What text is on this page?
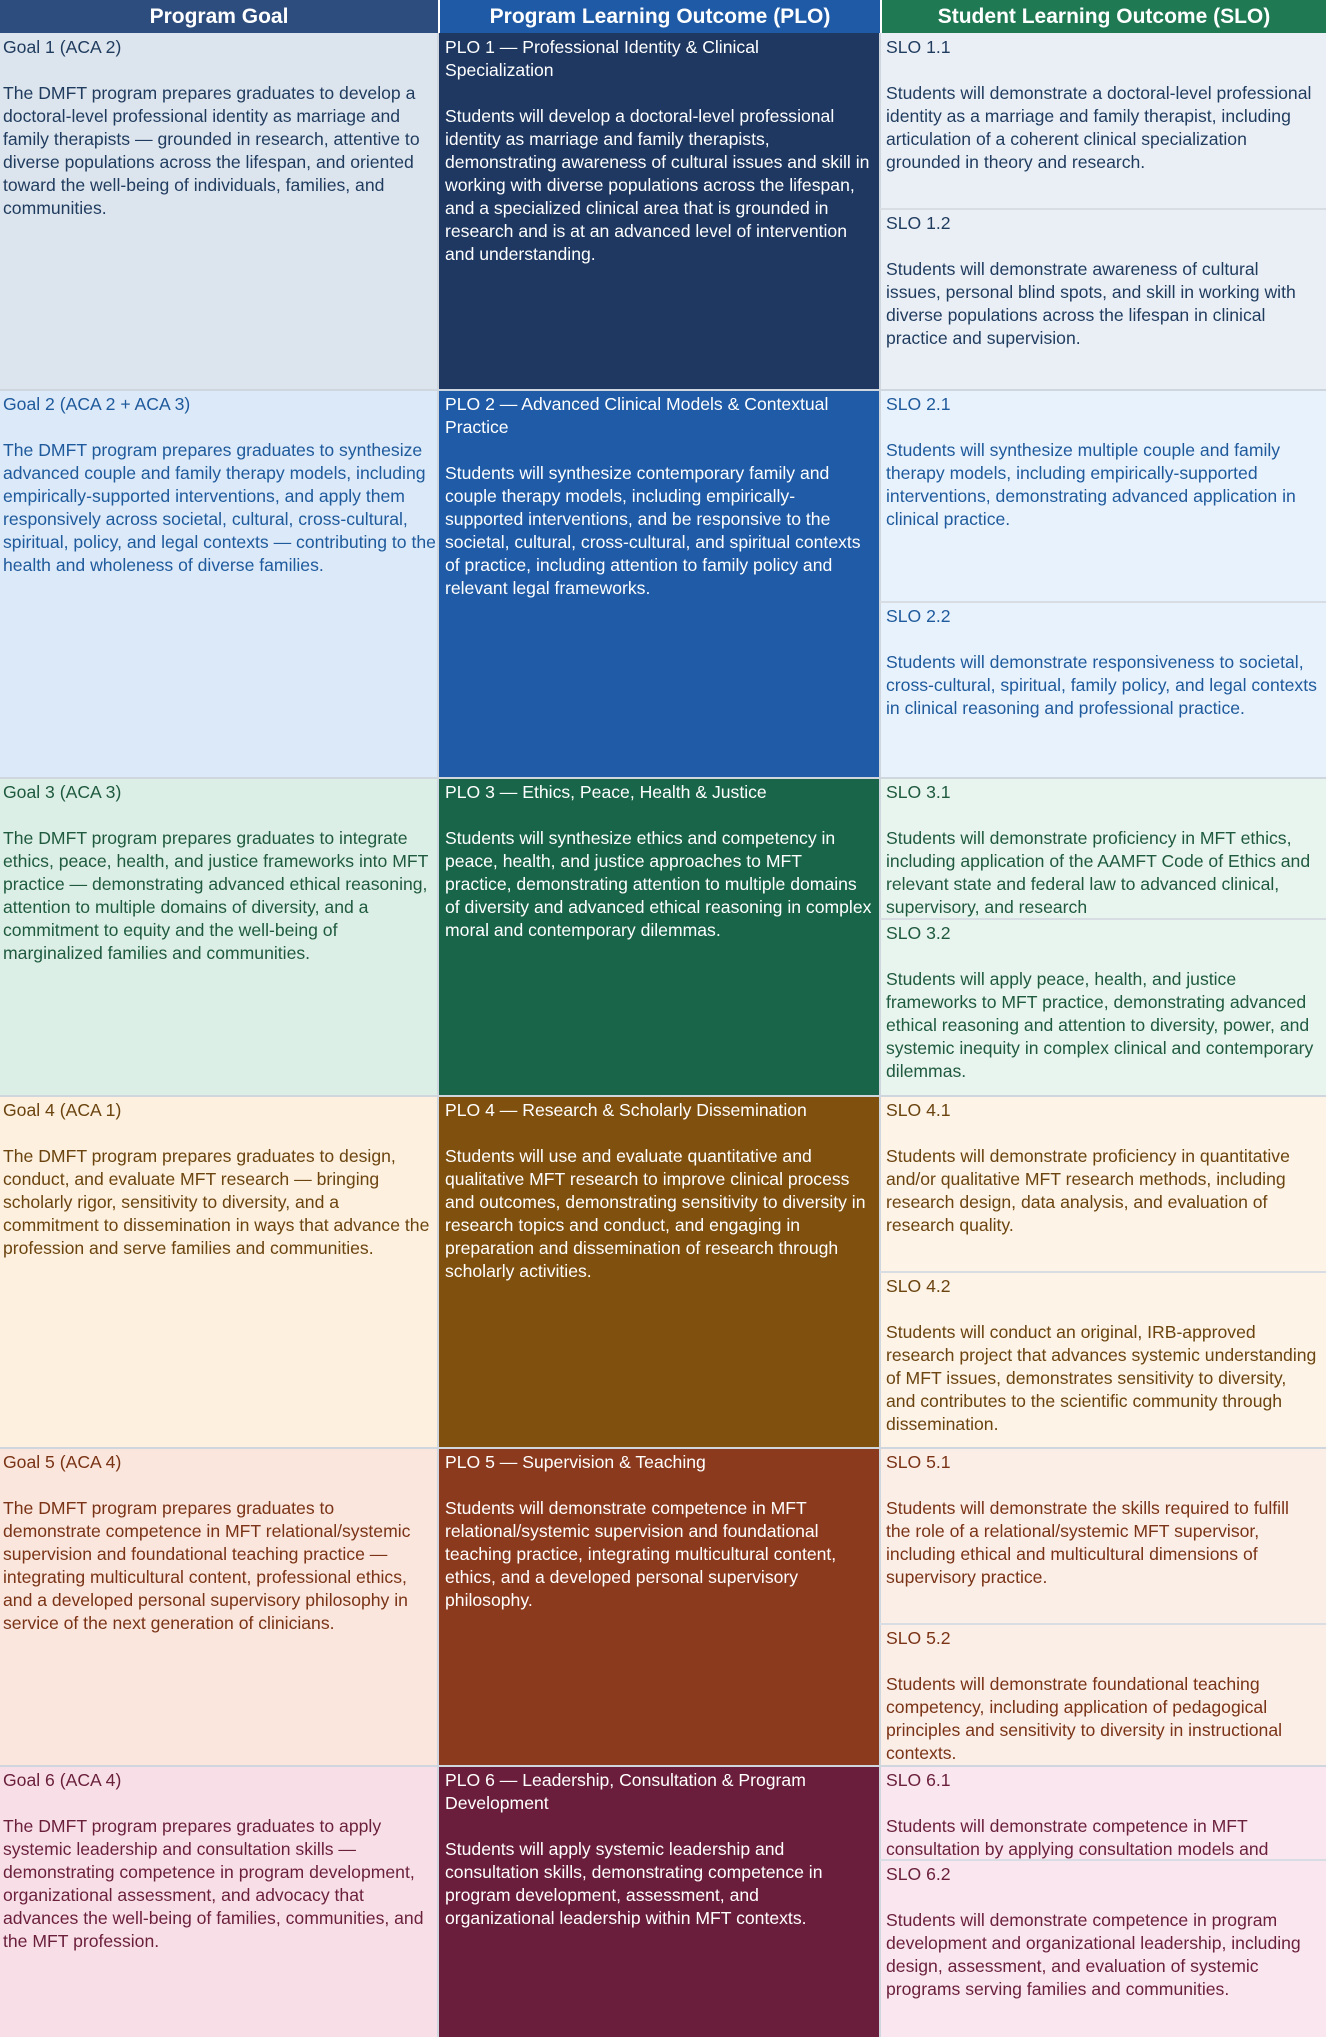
Program Goal	Program Learning Outcome (PLO)	Student Learning Outcome (SLO)
Goal 1 (ACA 2)
The DMFT program prepares graduates to develop a doctoral-level professional identity as marriage and family therapists — grounded in research, attentive to diverse populations across the lifespan, and oriented toward the well-being of individuals, families, and communities.
PLO 1 — Professional Identity & Clinical Specialization
Students will develop a doctoral-level professional identity as marriage and family therapists, demonstrating awareness of cultural issues and skill in working with diverse populations across the lifespan, and a specialized clinical area that is grounded in research and is at an advanced level of intervention and understanding.
SLO 1.1
Students will demonstrate a doctoral-level professional identity as a marriage and family therapist, including articulation of a coherent clinical specialization grounded in theory and research.
SLO 1.2
Students will demonstrate awareness of cultural issues, personal blind spots, and skill in working with diverse populations across the lifespan in clinical practice and supervision.
Goal 2 (ACA 2 + ACA 3)
The DMFT program prepares graduates to synthesize advanced couple and family therapy models, including empirically-supported interventions, and apply them responsively across societal, cultural, cross-cultural, spiritual, policy, and legal contexts — contributing to the health and wholeness of diverse families.
PLO 2 — Advanced Clinical Models & Contextual Practice
Students will synthesize contemporary family and couple therapy models, including empirically-supported interventions, and be responsive to the societal, cultural, cross-cultural, and spiritual contexts of practice, including attention to family policy and relevant legal frameworks.
SLO 2.1
Students will synthesize multiple couple and family therapy models, including empirically-supported interventions, demonstrating advanced application in clinical practice.
SLO 2.2
Students will demonstrate responsiveness to societal, cross-cultural, spiritual, family policy, and legal contexts in clinical reasoning and professional practice.
Goal 3 (ACA 3)
The DMFT program prepares graduates to integrate ethics, peace, health, and justice frameworks into MFT practice — demonstrating advanced ethical reasoning, attention to multiple domains of diversity, and a commitment to equity and the well-being of marginalized families and communities.
PLO 3 — Ethics, Peace, Health & Justice
Students will synthesize ethics and competency in peace, health, and justice approaches to MFT practice, demonstrating attention to multiple domains of diversity and advanced ethical reasoning in complex moral and contemporary dilemmas.
SLO 3.1
Students will demonstrate proficiency in MFT ethics, including application of the AAMFT Code of Ethics and relevant state and federal law to advanced clinical, supervisory, and research
SLO 3.2
Students will apply peace, health, and justice frameworks to MFT practice, demonstrating advanced ethical reasoning and attention to diversity, power, and systemic inequity in complex clinical and contemporary dilemmas.
Goal 4 (ACA 1)
The DMFT program prepares graduates to design, conduct, and evaluate MFT research — bringing scholarly rigor, sensitivity to diversity, and a commitment to dissemination in ways that advance the profession and serve families and communities.
PLO 4 — Research & Scholarly Dissemination
Students will use and evaluate quantitative and qualitative MFT research to improve clinical process and outcomes, demonstrating sensitivity to diversity in research topics and conduct, and engaging in preparation and dissemination of research through scholarly activities.
SLO 4.1
Students will demonstrate proficiency in quantitative and/or qualitative MFT research methods, including research design, data analysis, and evaluation of research quality.
SLO 4.2
Students will conduct an original, IRB-approved research project that advances systemic understanding of MFT issues, demonstrates sensitivity to diversity, and contributes to the scientific community through dissemination.
Goal 5 (ACA 4)
The DMFT program prepares graduates to demonstrate competence in MFT relational/systemic supervision and foundational teaching practice — integrating multicultural content, professional ethics, and a developed personal supervisory philosophy in service of the next generation of clinicians.
PLO 5 — Supervision & Teaching
Students will demonstrate competence in MFT relational/systemic supervision and foundational teaching practice, integrating multicultural content, ethics, and a developed personal supervisory philosophy.
SLO 5.1
Students will demonstrate the skills required to fulfill the role of a relational/systemic MFT supervisor, including ethical and multicultural dimensions of supervisory practice.
SLO 5.2
Students will demonstrate foundational teaching competency, including application of pedagogical principles and sensitivity to diversity in instructional contexts.
Goal 6 (ACA 4)
The DMFT program prepares graduates to apply systemic leadership and consultation skills — demonstrating competence in program development, organizational assessment, and advocacy that advances the well-being of families, communities, and the MFT profession.
PLO 6 — Leadership, Consultation & Program Development
Students will apply systemic leadership and consultation skills, demonstrating competence in program development, assessment, and organizational leadership within MFT contexts.
SLO 6.1
Students will demonstrate competence in MFT consultation by applying consultation models and
SLO 6.2
Students will demonstrate competence in program development and organizational leadership, including design, assessment, and evaluation of systemic programs serving families and communities.
